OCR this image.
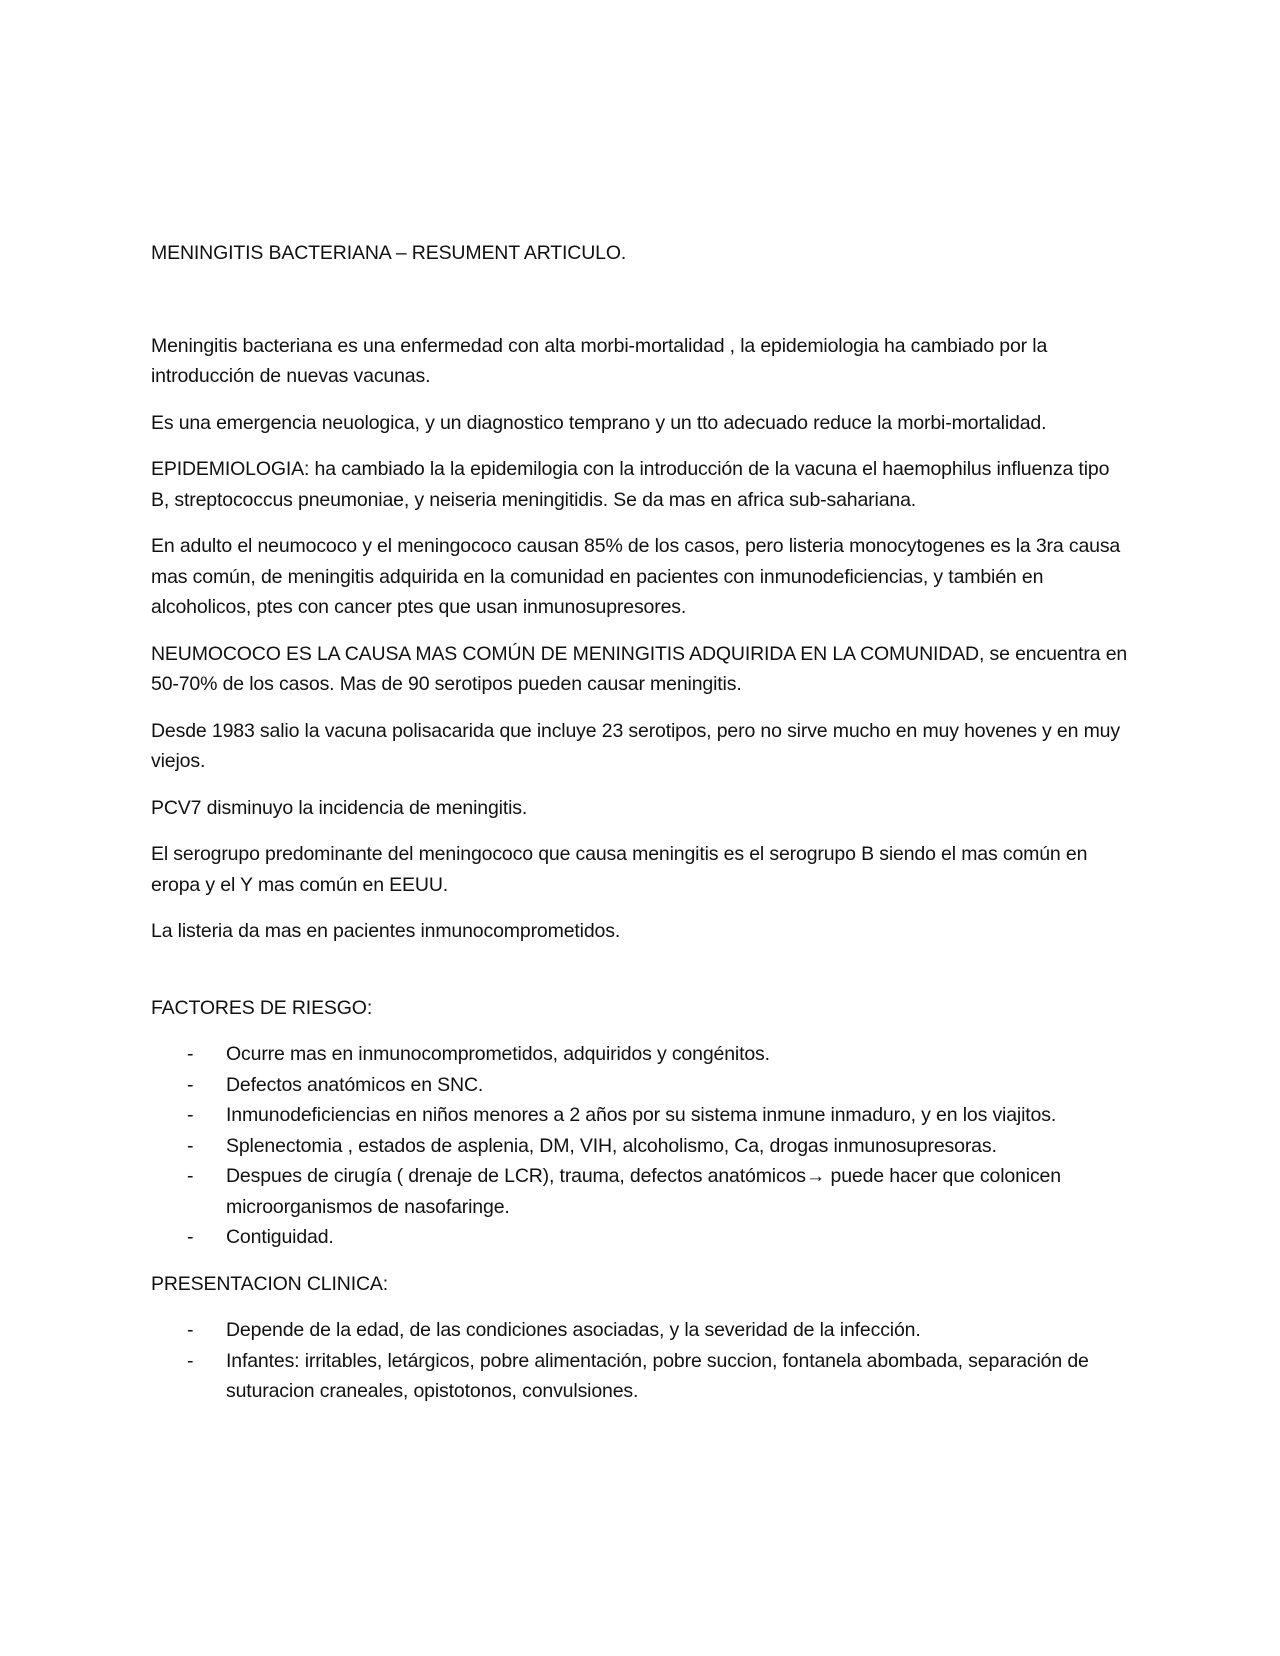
MENINGITIS BACTERIANA – RESUMENT ARTICULO.

Meningitis bacteriana es una enfermedad con alta morbi-mortalidad , la epidemiologia ha cambiado por la introducción de nuevas vacunas.

Es una emergencia neuologica, y un diagnostico temprano y un tto adecuado reduce la morbi-mortalidad.

EPIDEMIOLOGIA: ha cambiado la la epidemilogia con la introducción de la vacuna el haemophilus influenza tipo B, streptococcus pneumoniae, y neiseria meningitidis. Se da mas en africa sub-sahariana.

En adulto el neumococo y el meningococo causan 85% de los casos, pero listeria monocytogenes es la 3ra causa mas común, de meningitis adquirida en la comunidad en pacientes con inmunodeficiencias, y también en alcoholicos, ptes con cancer ptes que usan inmunosupresores.

NEUMOCOCO ES LA CAUSA MAS COMÚN DE MENINGITIS ADQUIRIDA EN LA COMUNIDAD, se encuentra en 50-70% de los casos. Mas de 90 serotipos pueden causar meningitis.

Desde 1983 salio la vacuna polisacarida que incluye 23 serotipos, pero no sirve mucho en muy hovenes y en muy viejos.

PCV7 disminuyo la incidencia de meningitis.

El serogrupo predominante del meningococo que causa meningitis es el serogrupo B siendo el mas común en eropa y el Y mas común en EEUU.

La listeria da mas en pacientes inmunocomprometidos.

FACTORES DE RIESGO:

- Ocurre mas en inmunocomprometidos, adquiridos y congénitos.
- Defectos anatómicos en SNC.
- Inmunodeficiencias en niños menores a 2 años por su sistema inmune inmaduro, y en los viajitos.
- Splenectomia , estados de asplenia, DM, VIH, alcoholismo, Ca, drogas inmunosupresoras.
- Despues de cirugía ( drenaje de LCR), trauma, defectos anatómicos→ puede hacer que colonicen microorganismos de nasofaringe.
- Contiguidad.

PRESENTACION CLINICA:

- Depende de la edad, de las condiciones asociadas, y la severidad de la infección.
- Infantes: irritables, letárgicos, pobre alimentación, pobre succion, fontanela abombada, separación de suturacion craneales, opistotonos, convulsiones.
